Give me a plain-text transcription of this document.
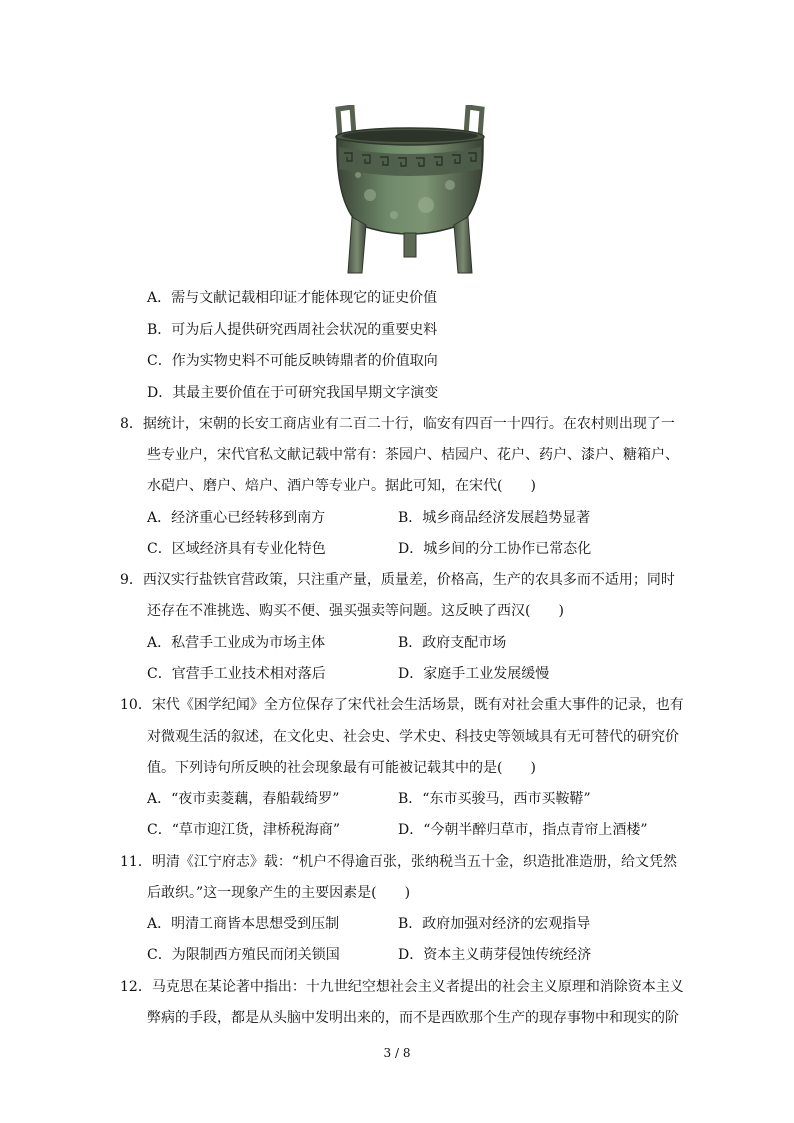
A．需与文献记载相印证才能体现它的证史价值
B．可为后人提供研究西周社会状况的重要史料
C．作为实物史料不可能反映铸鼎者的价值取向
D．其最主要价值在于可研究我国早期文字演变
8．据统计，宋朝的长安工商店业有二百二十行，临安有四百一十四行。在农村则出现了一
些专业户，宋代官私文献记载中常有：茶园户、桔园户、花户、药户、漆户、糖箱户、
水硙户、磨户、焙户、酒户等专业户。据此可知，在宋代(　　)
A．经济重心已经转移到南方	B．城乡商品经济发展趋势显著
C．区域经济具有专业化特色	D．城乡间的分工协作已常态化
9．西汉实行盐铁官营政策，只注重产量，质量差，价格高，生产的农具多而不适用；同时
还存在不准挑选、购买不便、强买强卖等问题。这反映了西汉(　　)
A．私营手工业成为市场主体	B．政府支配市场
C．官营手工业技术相对落后	D．家庭手工业发展缓慢
10．宋代《困学纪闻》全方位保存了宋代社会生活场景，既有对社会重大事件的记录，也有
对微观生活的叙述，在文化史、社会史、学术史、科技史等领域具有无可替代的研究价
值。下列诗句所反映的社会现象最有可能被记载其中的是(　　)
A．“夜市卖菱藕，春船载绮罗”	B．“东市买骏马，西市买鞍鞯”
C．“草市迎江货，津桥税海商”	D．“今朝半醉归草市，指点青帘上酒楼”
11．明清《江宁府志》载：“机户不得逾百张，张纳税当五十金，织造批准造册，给文凭然
后敢织。”这一现象产生的主要因素是(　　)
A．明清工商皆本思想受到压制	B．政府加强对经济的宏观指导
C．为限制西方殖民而闭关锁国	D．资本主义萌芽侵蚀传统经济
12．马克思在某论著中指出：十九世纪空想社会主义者提出的社会主义原理和消除资本主义
弊病的手段，都是从头脑中发明出来的，而不是西欧那个生产的现存事物中和现实的阶
3 / 8
